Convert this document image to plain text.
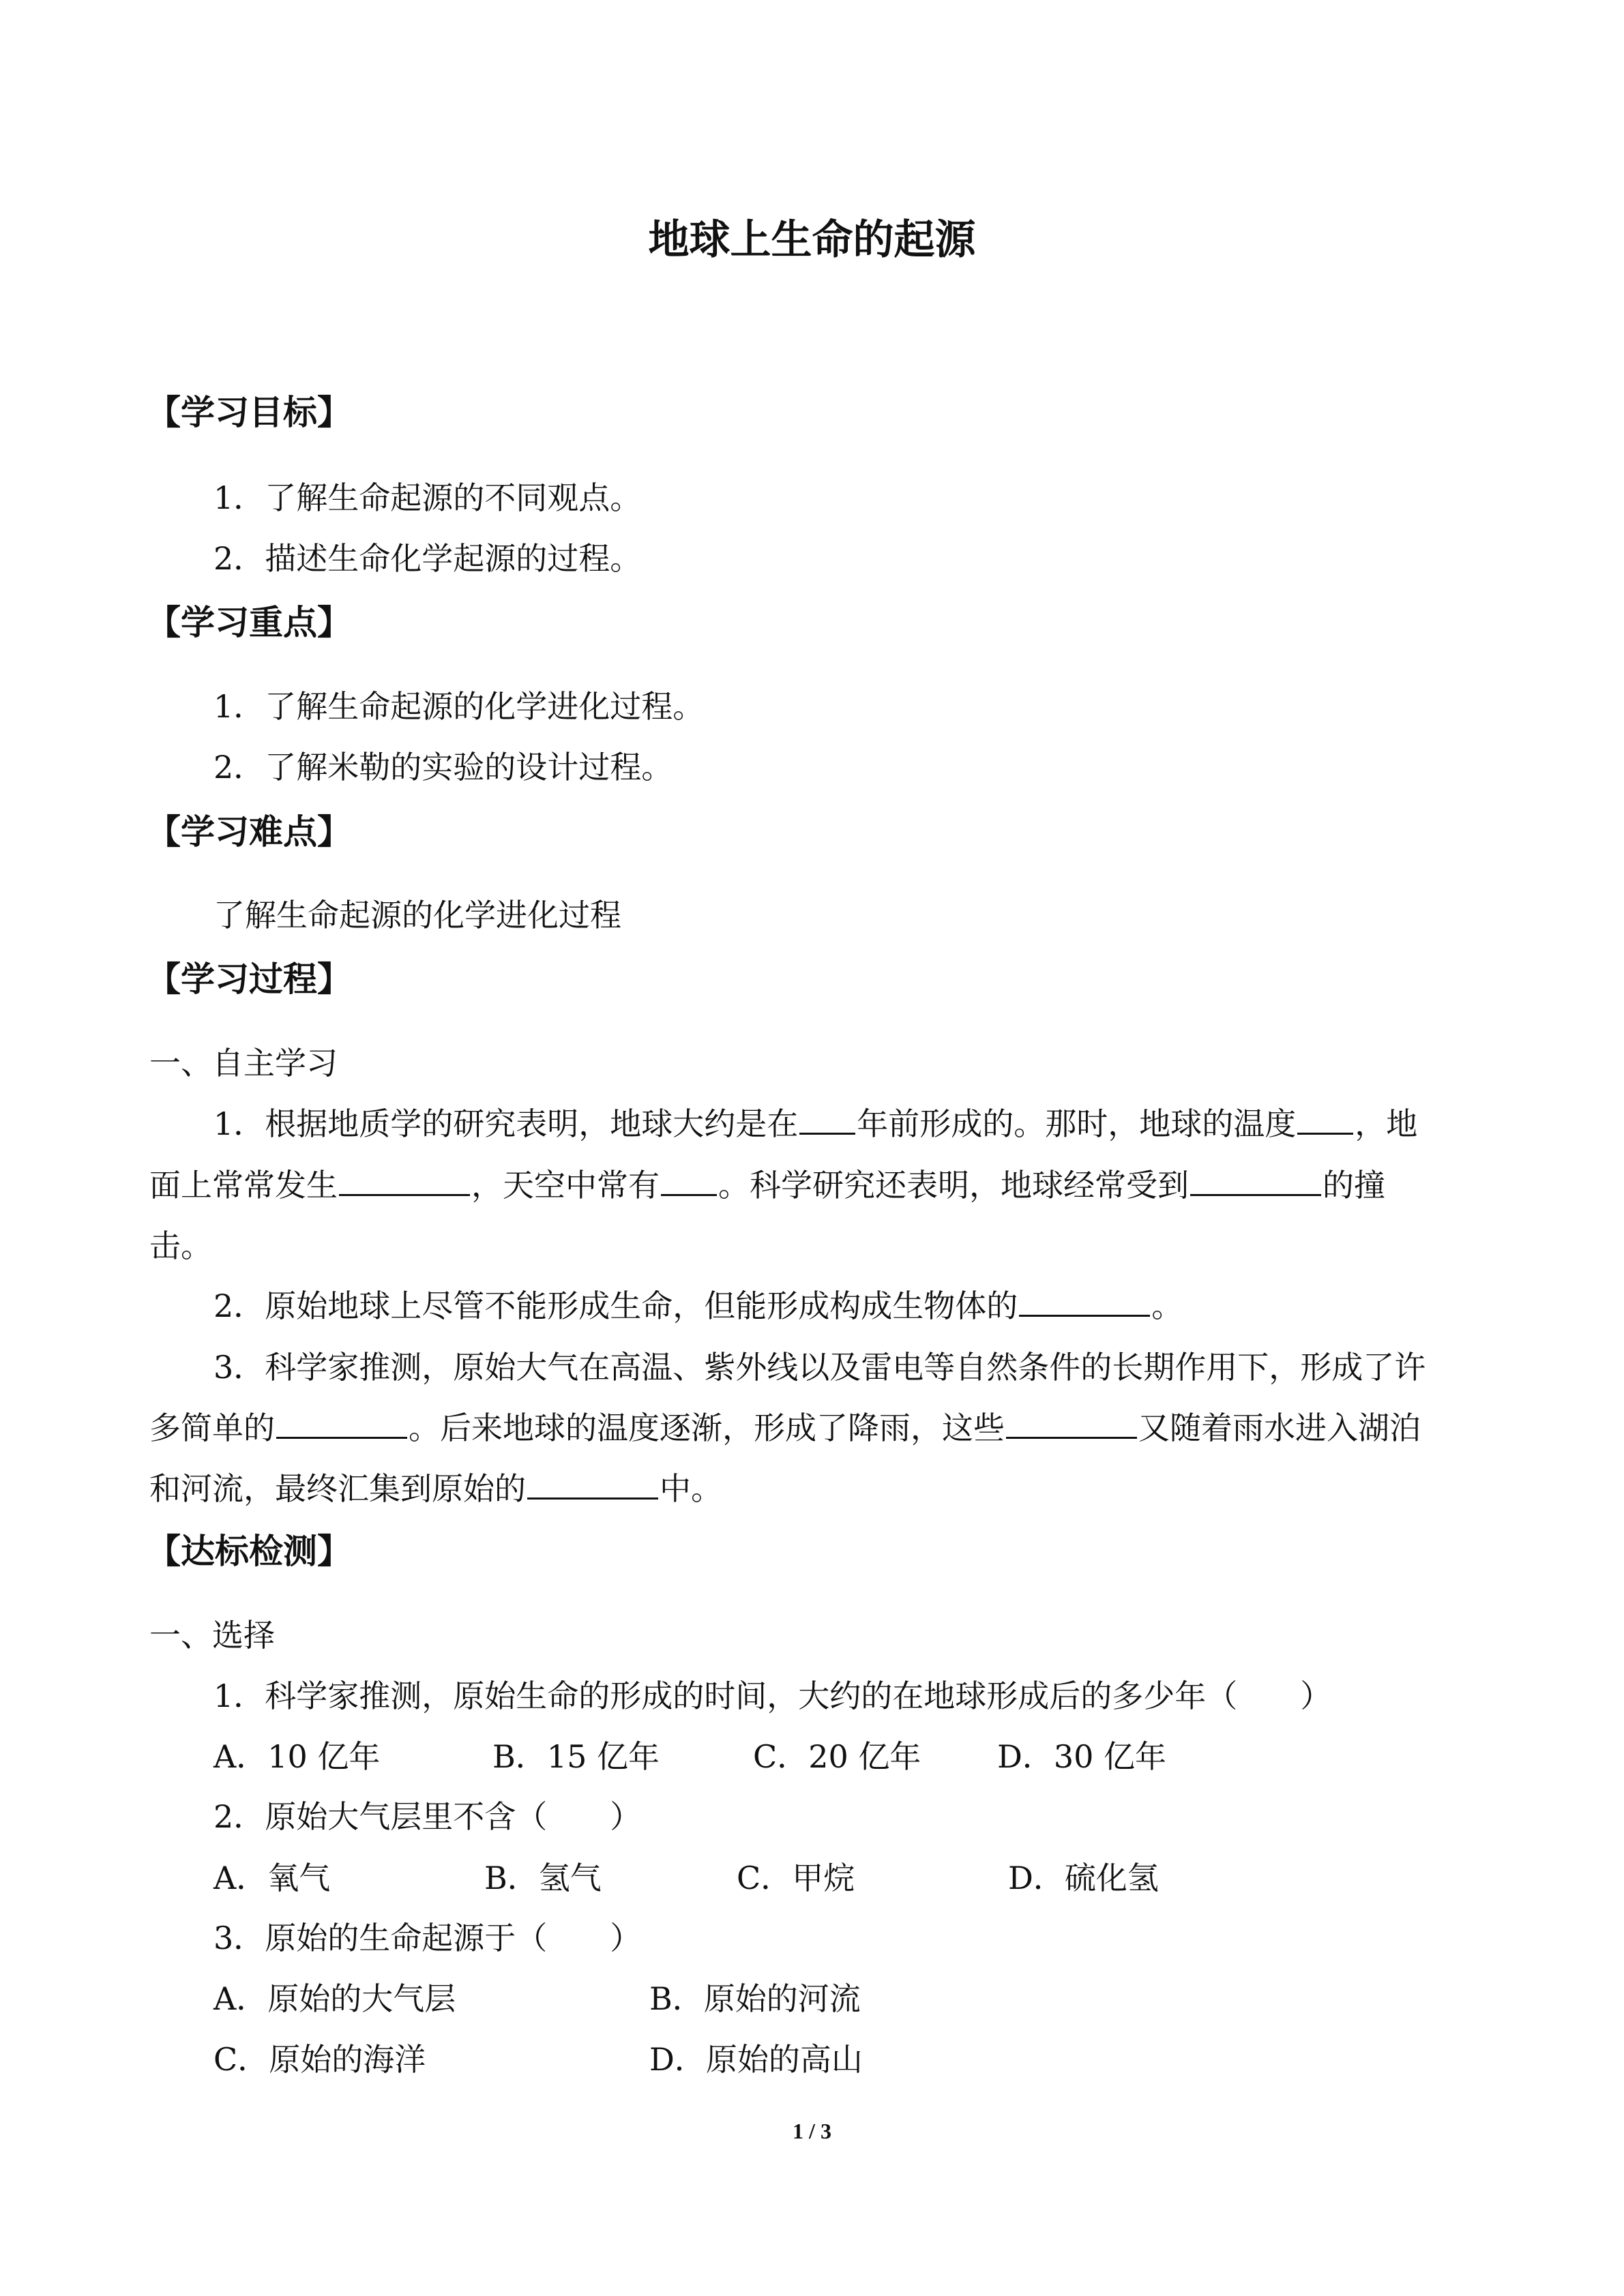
地球上生命的起源
【学习目标】
1．了解生命起源的不同观点。
2．描述生命化学起源的过程。
【学习重点】
1．了解生命起源的化学进化过程。
2．了解米勒的实验的设计过程。
【学习难点】
了解生命起源的化学进化过程
【学习过程】
一、自主学习
1．根据地质学的研究表明，地球大约是在 年前形成的。那时，地球的温度 ，地
面上常常发生	，天空中常有 。科学研究还表明，地球经常受到	的撞
击。
2．原始地球上尽管不能形成生命，但能形成构成生物体的	。
3．科学家推测，原始大气在高温、紫外线以及雷电等自然条件的长期作用下，形成了许
多简单的	。后来地球的温度逐渐，形成了降雨，这些	又随着雨水进入湖泊
和河流，最终汇集到原始的	中。
【达标检测】
一、选择
1．科学家推测，原始生命的形成的时间，大约的在地球形成后的多少年（　　）
A．10 亿年	B．15 亿年	C．20 亿年 D．30 亿年
2．原始大气层里不含（　　）
A．氧气	B．氢气	C．甲烷	D．硫化氢
3．原始的生命起源于（　　）
A．原始的大气层	B．原始的河流
C．原始的海洋	D．原始的高山
1 / 3
